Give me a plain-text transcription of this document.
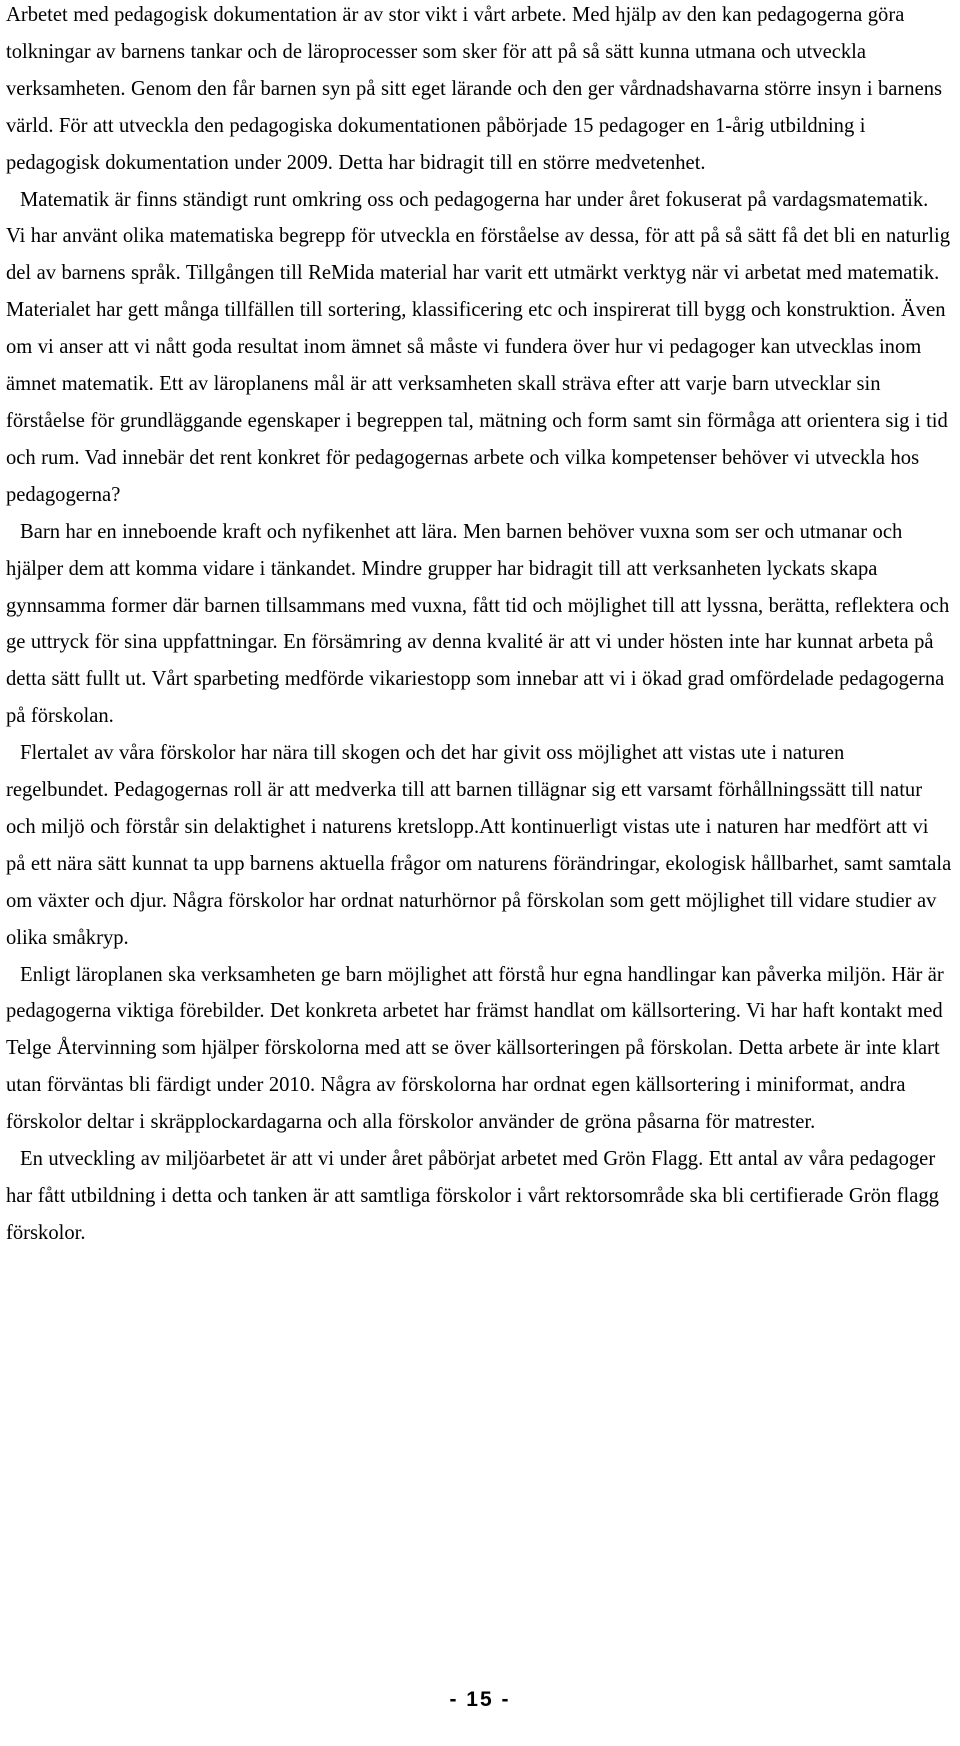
Arbetet med pedagogisk dokumentation är av stor vikt i vårt arbete. Med hjälp av den kan pedagogerna göra tolkningar av barnens tankar och de läroprocesser som sker för att på så sätt kunna utmana och utveckla verksamheten. Genom den får barnen syn på sitt eget lärande och den ger vårdnadshavarna större insyn i barnens värld. För att utveckla den pedagogiska dokumentationen påbörjade 15 pedagoger en 1-årig utbildning i pedagogisk dokumentation under 2009. Detta har bidragit till en större medvetenhet.

Matematik är finns ständigt runt omkring oss och pedagogerna har under året fokuserat på vardagsmatematik. Vi har använt olika matematiska begrepp för utveckla en förståelse av dessa, för att på så sätt få det bli en naturlig del av barnens språk. Tillgången till ReMida material har varit ett utmärkt verktyg när vi arbetat med matematik. Materialet har gett många tillfällen till sortering, klassificering etc och inspirerat till bygg och konstruktion. Även om vi anser att vi nått goda resultat inom ämnet så måste vi fundera över hur vi pedagoger kan utvecklas inom ämnet matematik. Ett av läroplanens mål är att verksamheten skall sträva efter att varje barn utvecklar sin förståelse för grundläggande egenskaper i begreppen tal, mätning och form samt sin förmåga att orientera sig i tid och rum. Vad innebär det rent konkret för pedagogernas arbete och vilka kompetenser behöver vi utveckla hos pedagogerna?

Barn har en inneboende kraft och nyfikenhet att lära. Men barnen behöver vuxna som ser och utmanar och hjälper dem att komma vidare i tänkandet. Mindre grupper har bidragit till att verksanheten lyckats skapa gynnsamma former där barnen tillsammans med vuxna, fått tid och möjlighet till att lyssna, berätta, reflektera och ge uttryck för sina uppfattningar. En försämring av denna kvalité är att vi under hösten inte har kunnat arbeta på detta sätt fullt ut. Vårt sparbeting medförde vikariestopp som innebar att vi i ökad grad omfördelade pedagogerna på förskolan.

Flertalet av våra förskolor har nära till skogen och det har givit oss möjlighet att vistas ute i naturen regelbundet. Pedagogernas roll är att medverka till att barnen tillägnar sig ett varsamt förhållningssätt till natur och miljö och förstår sin delaktighet i naturens kretslopp.Att kontinuerligt vistas ute i naturen har medfört att vi på ett nära sätt kunnat ta upp barnens aktuella frågor om naturens förändringar, ekologisk hållbarhet, samt samtala om växter och djur. Några förskolor har ordnat naturhörnor på förskolan som gett möjlighet till vidare studier av olika småkryp.

Enligt läroplanen ska verksamheten ge barn möjlighet att förstå hur egna handlingar kan påverka miljön. Här är pedagogerna viktiga förebilder. Det konkreta arbetet har främst handlat om källsortering. Vi har haft kontakt med Telge Återvinning som hjälper förskolorna med att se över källsorteringen på förskolan. Detta arbete är inte klart utan förväntas bli färdigt under 2010. Några av förskolorna har ordnat egen källsortering i miniformat, andra förskolor deltar i skräpplockardagarna och alla förskolor använder de gröna påsarna för matrester.

En utveckling av miljöarbetet är att vi under året påbörjat arbetet med Grön Flagg. Ett antal av våra pedagoger har fått utbildning i detta och tanken är att samtliga förskolor i vårt rektorsområde ska bli certifierade Grön flagg förskolor.

- 15 -
